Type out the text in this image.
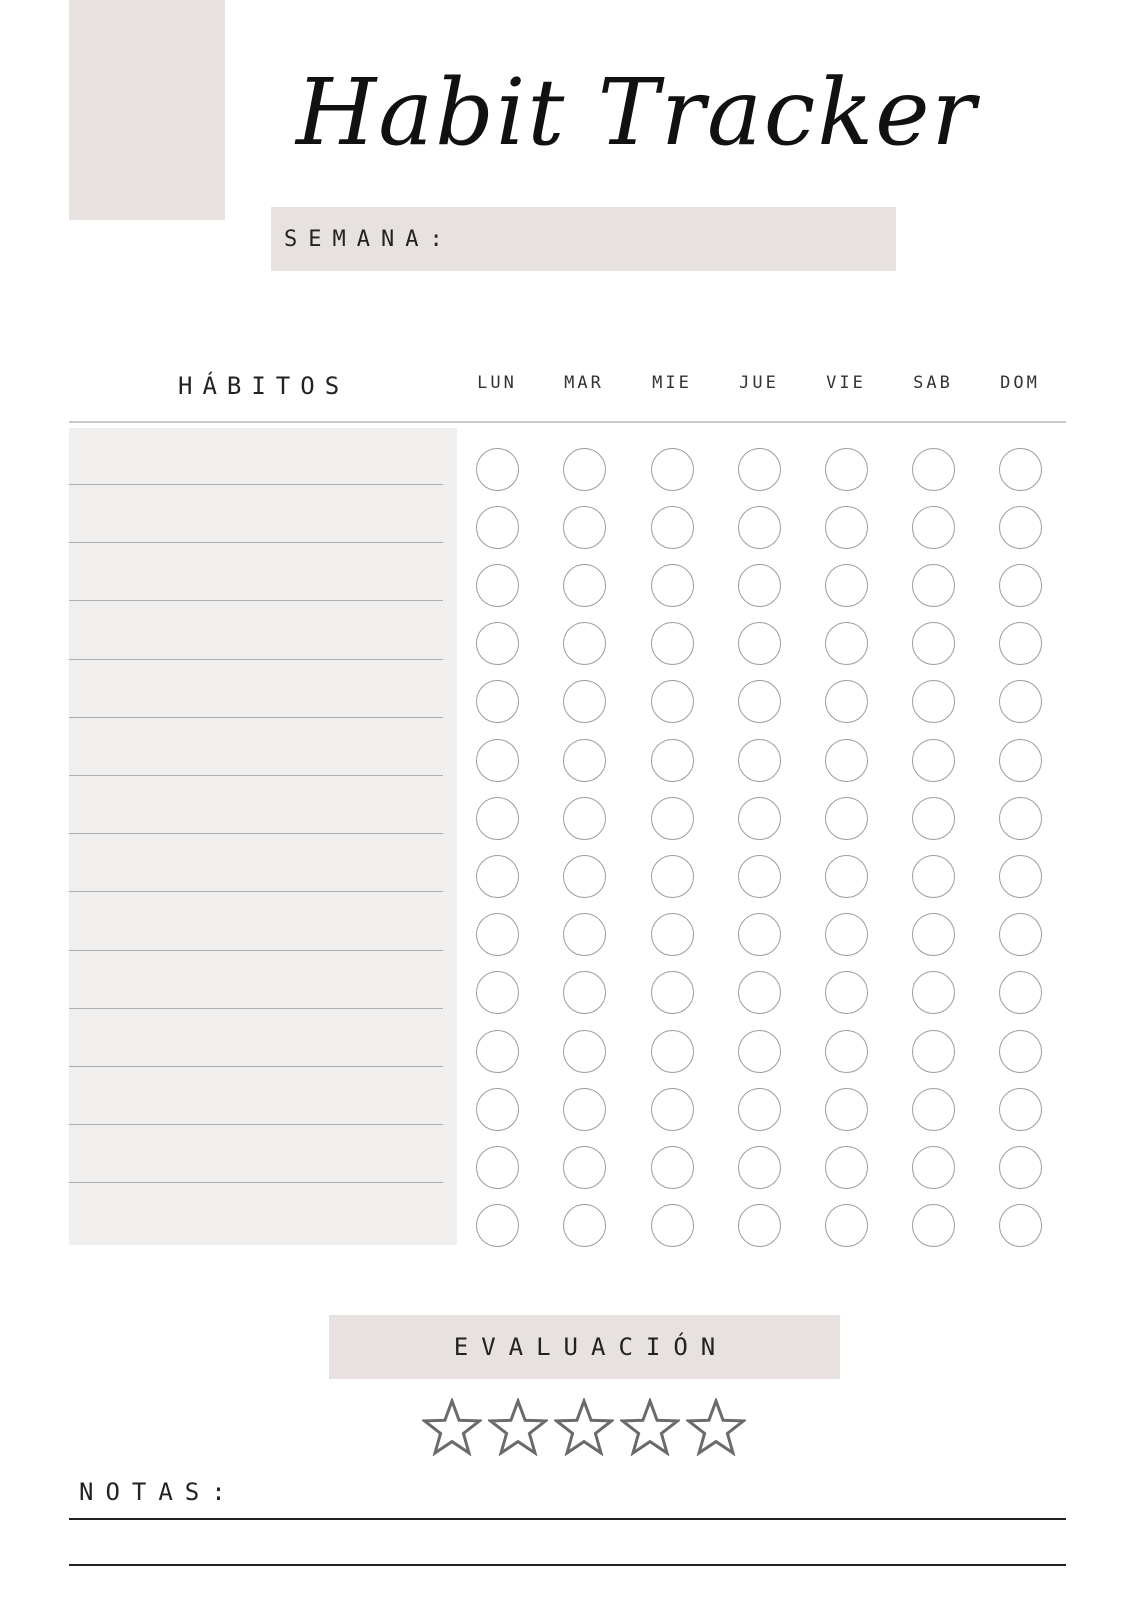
Habit Tracker
SEMANA:
HÁBITOS	LUN	MAR	MIE	JUE	VIE	SAB	DOM
EVALUACIÓN
NOTAS:
